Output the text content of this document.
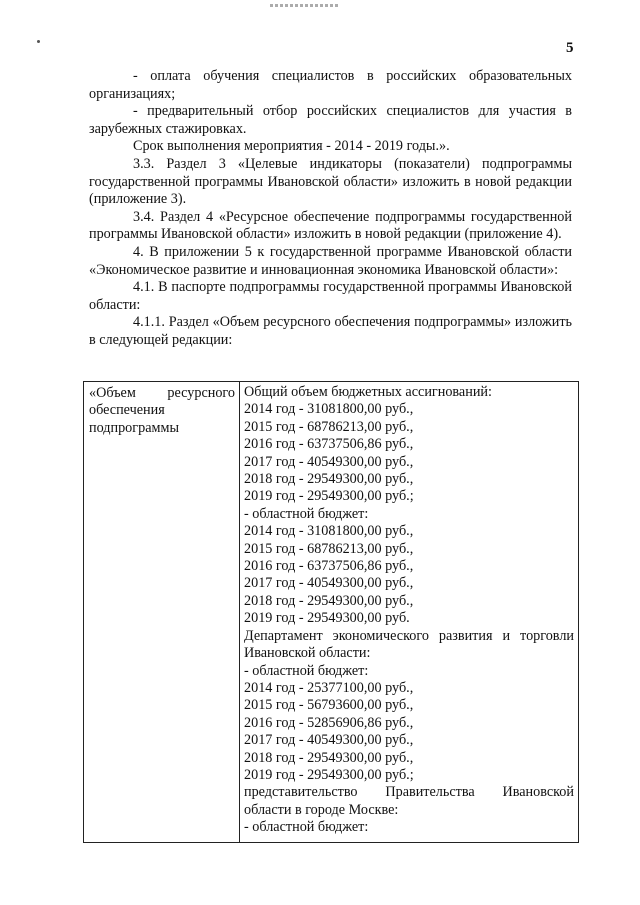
5

- оплата обучения специалистов в российских образовательных организациях;

- предварительный отбор российских специалистов для участия в зарубежных стажировках.

Срок выполнения мероприятия - 2014 - 2019 годы.».

3.3. Раздел 3 «Целевые индикаторы (показатели) подпрограммы государственной программы Ивановской области» изложить в новой редакции (приложение 3).

3.4. Раздел 4 «Ресурсное обеспечение подпрограммы государственной программы Ивановской области» изложить в новой редакции (приложение 4).

4. В приложении 5 к государственной программе Ивановской области «Экономическое развитие и инновационная экономика Ивановской области»:

4.1. В паспорте подпрограммы государственной программы Ивановской области:

4.1.1. Раздел «Объем ресурсного обеспечения подпрограммы» изложить в следующей редакции:

«Объем ресурсного обеспечения подпрограммы
Общий объем бюджетных ассигнований:
2014 год - 31081800,00 руб.,
2015 год - 68786213,00 руб.,
2016 год - 63737506,86 руб.,
2017 год - 40549300,00 руб.,
2018 год - 29549300,00 руб.,
2019 год - 29549300,00 руб.;
- областной бюджет:
2014 год - 31081800,00 руб.,
2015 год - 68786213,00 руб.,
2016 год - 63737506,86 руб.,
2017 год - 40549300,00 руб.,
2018 год - 29549300,00 руб.,
2019 год - 29549300,00 руб.
Департамент экономического развития и торговли Ивановской области:
- областной бюджет:
2014 год - 25377100,00 руб.,
2015 год - 56793600,00 руб.,
2016 год - 52856906,86 руб.,
2017 год - 40549300,00 руб.,
2018 год - 29549300,00 руб.,
2019 год - 29549300,00 руб.;
представительство Правительства Ивановской области в городе Москве:
- областной бюджет:
